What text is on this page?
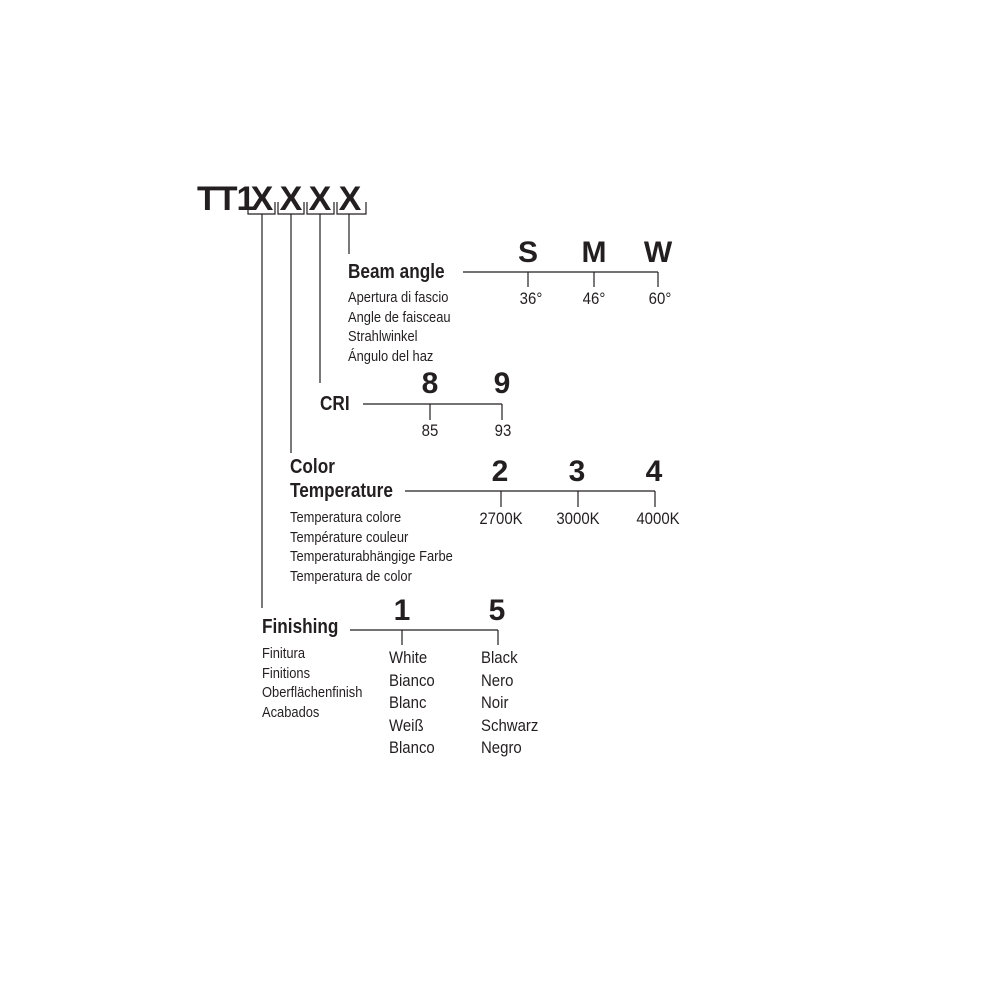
TT1
X X X X
Beam angle
Apertura di fascio
Angle de faisceau
Strahlwinkel
Ángulo del haz
S	M	W
36°	46°	60°
CRI
8	9
85	93
Color
Temperature
Temperatura colore
Température couleur
Temperaturabhängige Farbe
Temperatura de color
2	3	4
2700K	3000K	4000K
Finishing
Finitura
Finitions
Oberflächenfinish
Acabados
1	5
White
Bianco
Blanc
Weiß
Blanco
Black
Nero
Noir
Schwarz
Negro
